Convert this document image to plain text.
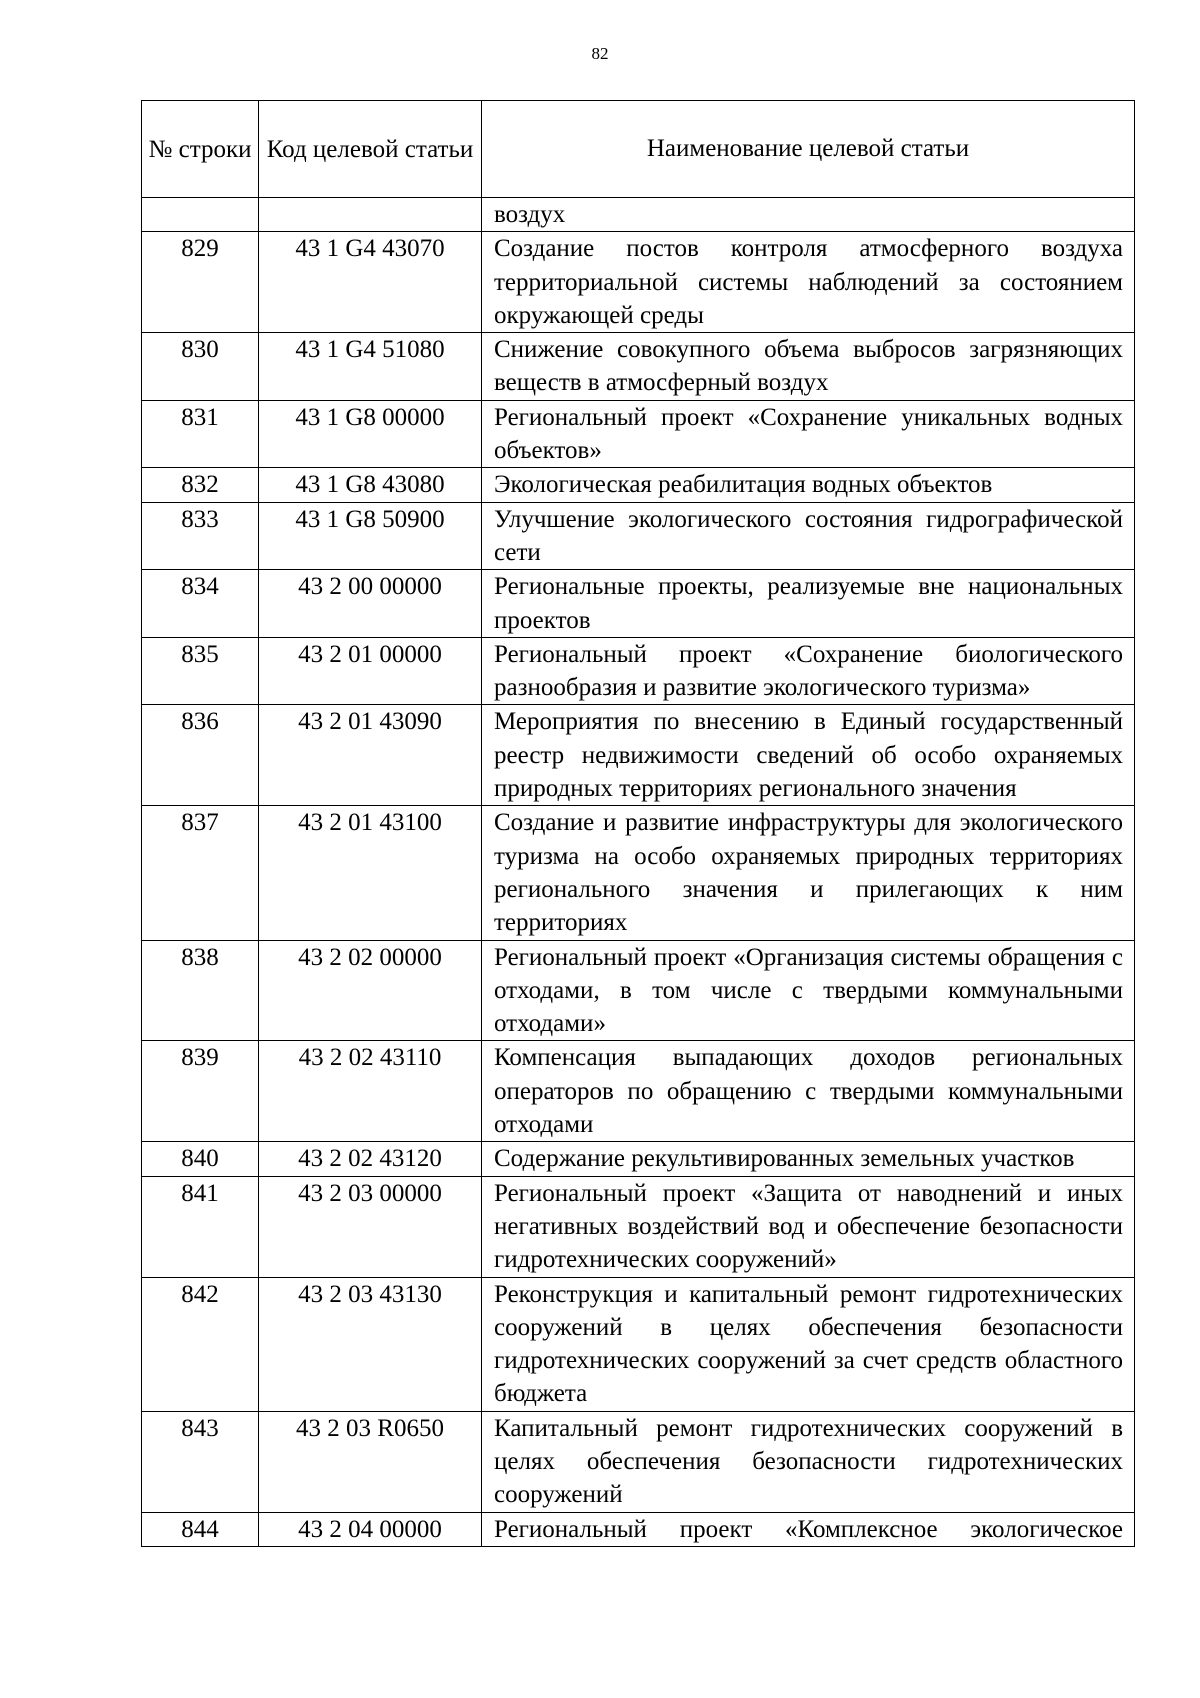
82
№ строки	Код целевой статьи	Наименование целевой статьи
		воздух
829	43 1 G4 43070	Создание постов контроля атмосферного воздуха территориальной системы наблюдений за состоянием окружающей среды
830	43 1 G4 51080	Снижение совокупного объема выбросов загрязняющих веществ в атмосферный воздух
831	43 1 G8 00000	Региональный проект «Сохранение уникальных водных объектов»
832	43 1 G8 43080	Экологическая реабилитация водных объектов
833	43 1 G8 50900	Улучшение экологического состояния гидрографической сети
834	43 2 00 00000	Региональные проекты, реализуемые вне национальных проектов
835	43 2 01 00000	Региональный проект «Сохранение биологического разнообразия и развитие экологического туризма»
836	43 2 01 43090	Мероприятия по внесению в Единый государственный реестр недвижимости сведений об особо охраняемых природных территориях регионального значения
837	43 2 01 43100	Создание и развитие инфраструктуры для экологического туризма на особо охраняемых природных территориях регионального значения и прилегающих к ним территориях
838	43 2 02 00000	Региональный проект «Организация системы обращения с отходами, в том числе с твердыми коммунальными отходами»
839	43 2 02 43110	Компенсация выпадающих доходов региональных операторов по обращению с твердыми коммунальными отходами
840	43 2 02 43120	Содержание рекультивированных земельных участков
841	43 2 03 00000	Региональный проект «Защита от наводнений и иных негативных воздействий вод и обеспечение безопасности гидротехнических сооружений»
842	43 2 03 43130	Реконструкция и капитальный ремонт гидротехнических сооружений в целях обеспечения безопасности гидротехнических сооружений за счет средств областного бюджета
843	43 2 03 R0650	Капитальный ремонт гидротехнических сооружений в целях обеспечения безопасности гидротехнических сооружений
844	43 2 04 00000	Региональный проект «Комплексное экологическое
